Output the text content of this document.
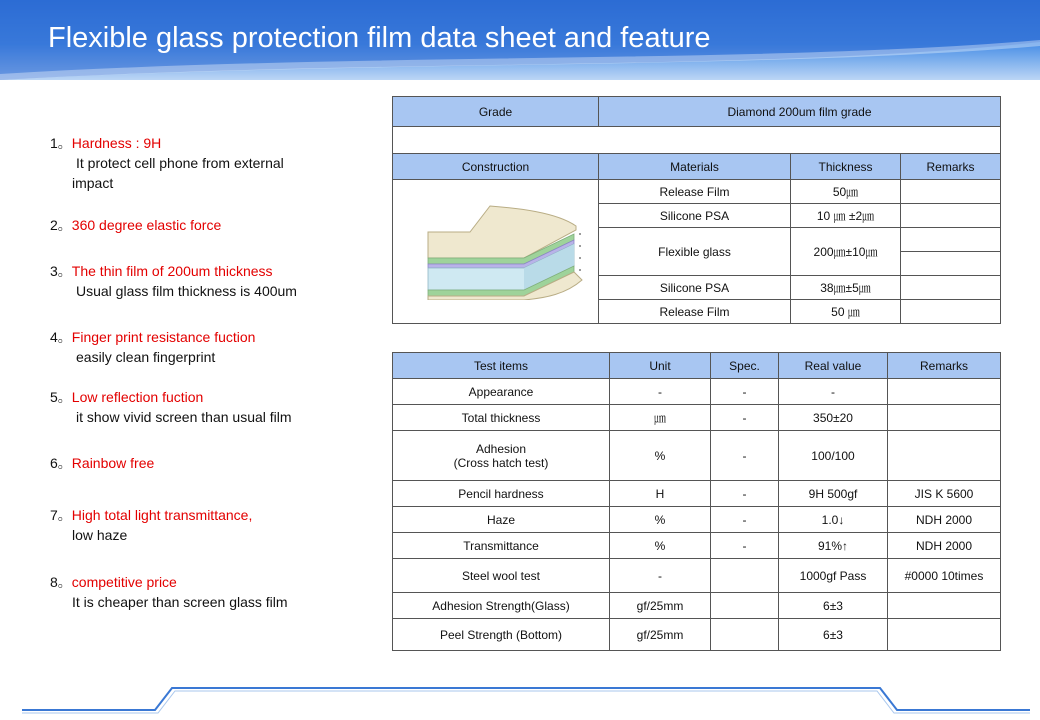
Flexible glass protection film data sheet and feature
1。Hardness : 9H
It protect cell phone from external
impact
2。360 degree elastic force
3。The thin film of 200um thickness
Usual glass film thickness is 400um
4。Finger print resistance fuction
easily clean fingerprint
5。Low reflection fuction
it show vivid screen than usual film
6。Rainbow free
7。High total light transmittance,
low haze
8。competitive price
It is cheaper than screen glass film
Grade	Diamond 200um film grade		

Construction	Materials	Thickness	Remarks

	Release Film	50㎛	
	Silicone PSA	10 ㎛ ±2㎛	
	Flexible glass	200㎛±10㎛	

	Silicone PSA	38㎛±5㎛	
	Release Film	50 ㎛	
Test items	Unit	Spec.	Real value	Remarks
Appearance	-	-	-	
Total thickness	㎛	-	350±20	

Adhesion
(Cross hatch test)	%	-	100/100	
Pencil hardness	H	-	9H 500gf	JIS K 5600
Haze	%	-	1.0↓	NDH 2000
Transmittance	%	-	91%↑	NDH 2000
Steel wool test	-		1000gf Pass	#0000 10times
Adhesion Strength(Glass)	gf/25mm		6±3	
Peel Strength (Bottom)	gf/25mm		6±3	
